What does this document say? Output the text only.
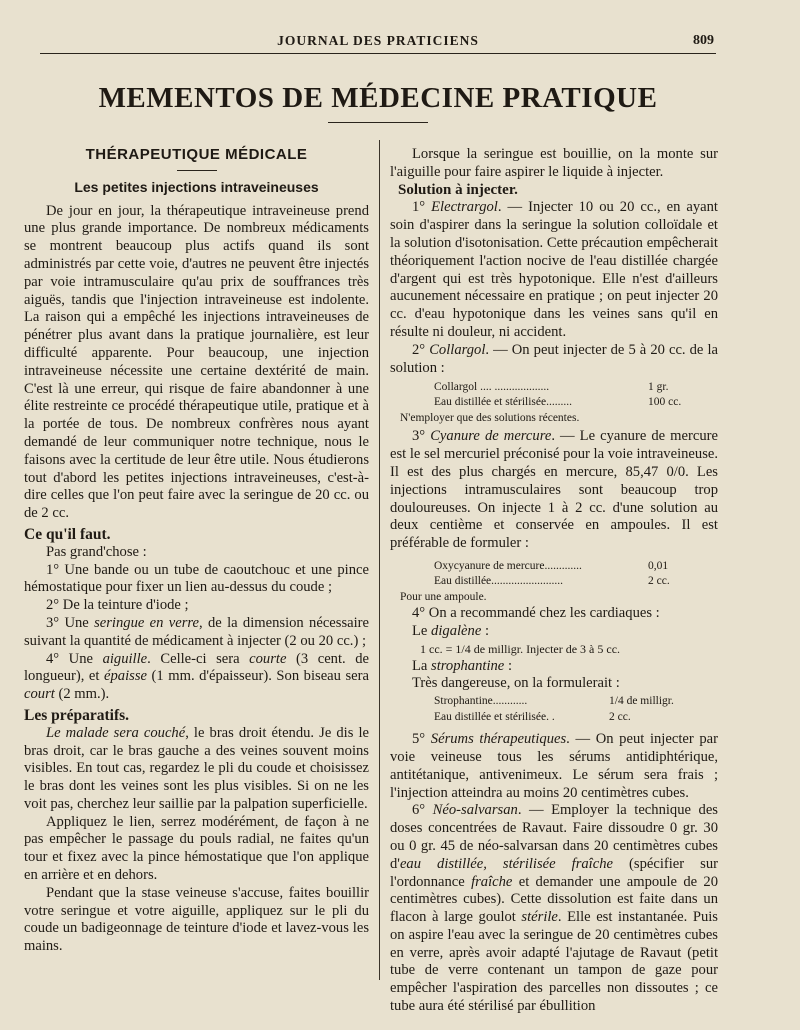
JOURNAL DES PRATICIENS	809
MEMENTOS DE MÉDECINE PRATIQUE
THÉRAPEUTIQUE MÉDICALE
Les petites injections intraveineuses

De jour en jour, la thérapeutique intraveineuse prend une plus grande importance. De nombreux médicaments se montrent beaucoup plus actifs quand ils sont administrés par cette voie, d'autres ne peuvent être injectés par voie intramusculaire qu'au prix de souffrances très aiguës, tandis que l'injection intraveineuse est indolente. La raison qui a empêché les injections intraveineuses de pénétrer plus avant dans la pratique journalière, est leur difficulté apparente. Pour beaucoup, une injection intraveineuse nécessite une certaine dextérité de main. C'est là une erreur, qui risque de faire abandonner à une élite restreinte ce procédé thérapeutique utile, pratique et à la portée de tous. De nombreux confrères nous ayant demandé de leur communiquer notre technique, nous le faisons avec la certitude de leur être utile. Nous étudierons tout d'abord les petites injections intraveineuses, c'est-à-dire celles que l'on peut faire avec la seringue de 20 cc. ou de 2 cc.

Ce qu'il faut.

Pas grand'chose :

1° Une bande ou un tube de caoutchouc et une pince hémostatique pour fixer un lien au-dessus du coude ;

2° De la teinture d'iode ;

3° Une seringue en verre, de la dimension nécessaire suivant la quantité de médicament à injecter (2 ou 20 cc.) ;

4° Une aiguille. Celle-ci sera courte (3 cent. de longueur), et épaisse (1 mm. d'épaisseur). Son biseau sera court (2 mm.).

Les préparatifs.

Le malade sera couché, le bras droit étendu. Je dis le bras droit, car le bras gauche a des veines souvent moins visibles. En tout cas, regardez le pli du coude et choisissez le bras dont les veines sont les plus visibles. Si on ne les voit pas, cherchez leur saillie par la palpation superficielle.

Appliquez le lien, serrez modérément, de façon à ne pas empêcher le passage du pouls radial, ne faites qu'un tour et fixez avec la pince hémostatique que l'on applique en arrière et en dehors.

Pendant que la stase veineuse s'accuse, faites bouillir votre seringue et votre aiguille, appliquez sur le pli du coude un badigeonnage de teinture d'iode et lavez-vous les mains.

Lorsque la seringue est bouillie, on la monte sur l'aiguille pour faire aspirer le liquide à injecter.

Solution à injecter.

1° Electrargol. — Injecter 10 ou 20 cc., en ayant soin d'aspirer dans la seringue la solution colloïdale et la solution d'isotonisation. Cette précaution empêcherait théoriquement l'action nocive de l'eau distillée chargée d'argent qui est très hypotonique. Elle n'est d'ailleurs aucunement nécessaire en pratique ; on peut injecter 20 cc. d'eau hypotonique dans les veines sans qu'il en résulte ni douleur, ni accident.

2° Collargol. — On peut injecter de 5 à 20 cc. de la solution :

Collargol .... ...................	1 gr.
Eau distillée et stérilisée.........	100 cc.
N'employer que des solutions récentes.

3° Cyanure de mercure. — Le cyanure de mercure est le sel mercuriel préconisé pour la voie intraveineuse. Il est des plus chargés en mercure, 85,47 0/0. Les injections intramusculaires sont beaucoup trop douloureuses. On injecte 1 à 2 cc. d'une solution au deux centième et conservée en ampoules. Il est préférable de formuler :

Oxycyanure de mercure.............	0,01
Eau distillée.........................	2 cc.
Pour une ampoule.

4° On a recommandé chez les cardiaques :

Le digalène :
1 cc. = 1/4 de milligr. Injecter de 3 à 5 cc.
La strophantine :
Très dangereuse, on la formulerait :
Strophantine............	1/4 de milligr.
Eau distillée et stérilisée. .	2 cc.

5° Sérums thérapeutiques. — On peut injecter par voie veineuse tous les sérums antidiphtérique, antitétanique, antivenimeux. Le sérum sera frais ; l'injection atteindra au moins 20 centimètres cubes.

6° Néo-salvarsan. — Employer la technique des doses concentrées de Ravaut. Faire dissoudre 0 gr. 30 ou 0 gr. 45 de néo-salvarsan dans 20 centimètres cubes d'eau distillée, stérilisée fraîche (spécifier sur l'ordonnance fraîche et demander une ampoule de 20 centimètres cubes). Cette dissolution est faite dans un flacon à large goulot stérile. Elle est instantanée. Puis on aspire l'eau avec la seringue de 20 centimètres cubes en verre, après avoir adapté l'ajutage de Ravaut (petit tube de verre contenant un tampon de gaze pour empêcher l'aspiration des parcelles non dissoutes ; ce tube aura été stérilisé par ébullition
